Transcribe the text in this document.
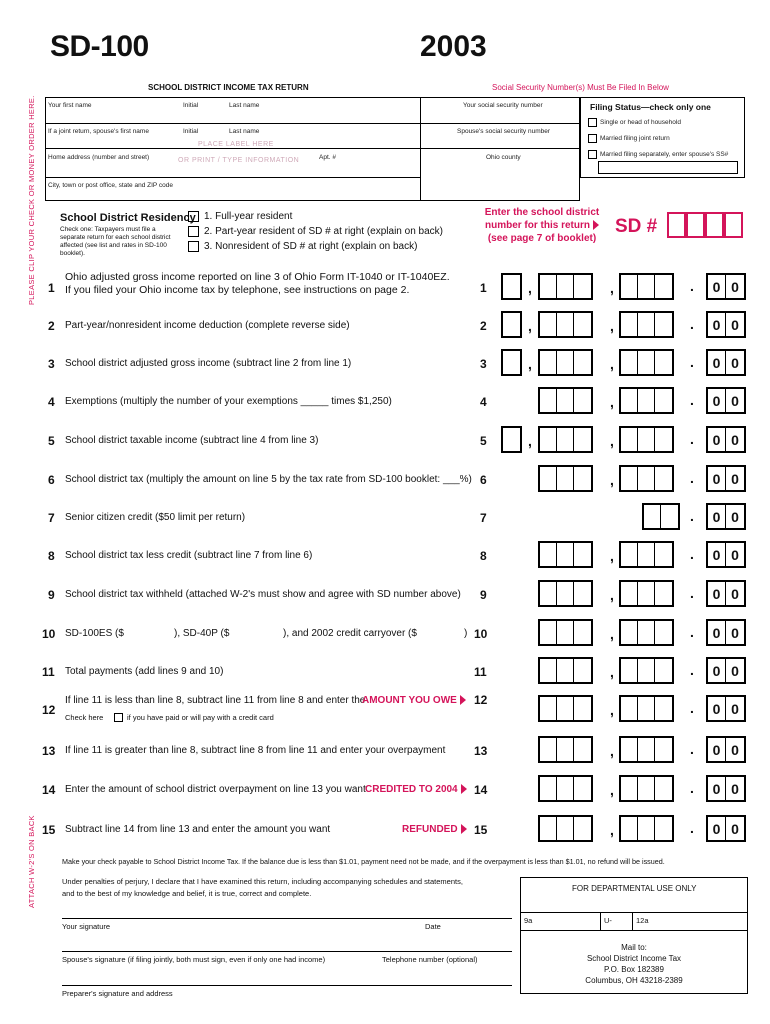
PLEASE CLIP YOUR CHECK OR MONEY ORDER HERE.
ATTACH W-2'S ON BACK
SD-100	2003
SCHOOL DISTRICT INCOME TAX RETURN	Social Security Number(s) Must Be Filed In Below
Your first name	Initial	Last name	Your social security number
If a joint return, spouse's first name	Initial	Last name	Spouse's social security number
PLACE LABEL HERE
OR PRINT / TYPE INFORMATION
Home address (number and street)	Apt. #	Ohio county
City, town or post office, state and ZIP code
Filing Status—check only one
Single or head of household
Married filing joint return
Married filing separately, enter spouse's SS#
School District Residency
Check one: Taxpayers must file a separate return for each school district affected (see list and rates in SD-100 booklet).
1. Full-year resident
2. Part-year resident of SD # at right (explain on back)
3. Nonresident of SD # at right (explain on back)
Enter the school district
number for this return
(see page 7 of booklet)
SD #
1
Ohio adjusted gross income reported on line 3 of Ohio Form IT-1040 or IT-1040EZ.
If you filed your Ohio income tax by telephone, see instructions on page 2.	1	,	,	.	0 0
2 Part-year/nonresident income deduction (complete reverse side)	2	,	,	.	0 0
3 School district adjusted gross income (subtract line 2 from line 1)	3	,	,	.	0 0
4 Exemptions (multiply the number of your exemptions _____ times $1,250)	4	,	.	0 0
5 School district taxable income (subtract line 4 from line 3)	5	,	,	.	0 0
6 School district tax (multiply the amount on line 5 by the tax rate from SD-100 booklet: ___%) 6	,	.	0 0
7 Senior citizen credit ($50 limit per return)	7	.	0 0
8 School district tax less credit (subtract line 7 from line 6)	8	,	.	0 0
9 School district tax withheld (attached W-2's must show and agree with SD number above) 9	,	.	0 0
10 SD-100ES ($	), SD-40P ($	), and 2002 credit carryover ($	) 10	,	.	0 0
11 Total payments (add lines 9 and 10)	11	,	.	0 0
12
If line 11 is less than line 8, subtract line 11 from line 8 and enter the
Check here	if you have paid or will pay with a credit card
AMOUNT YOU OWE	12
,	.	0 0
13 If line 11 is greater than line 8, subtract line 8 from line 11 and enter your overpayment 13	,	.	0 0
14 Enter the amount of school district overpayment on line 13 you want CREDITED TO 2004	14	,	.	0 0
15 Subtract line 14 from line 13 and enter the amount you want	REFUNDED	15	,	.	0 0
Make your check payable to School District Income Tax. If the balance due is less than $1.01, payment need not be made, and if the overpayment is less than $1.01, no refund will be issued.
Under penalties of perjury, I declare that I have examined this return, including accompanying schedules and statements,
and to the best of my knowledge and belief, it is true, correct and complete.
Your signature	Date
Spouse's signature (if filing jointly, both must sign, even if only one had income)	Telephone number (optional)
Preparer's signature and address
FOR DEPARTMENTAL USE ONLY
9a	U-	12a
Mail to:
School District Income Tax
P.O. Box 182389
Columbus, OH 43218-2389
